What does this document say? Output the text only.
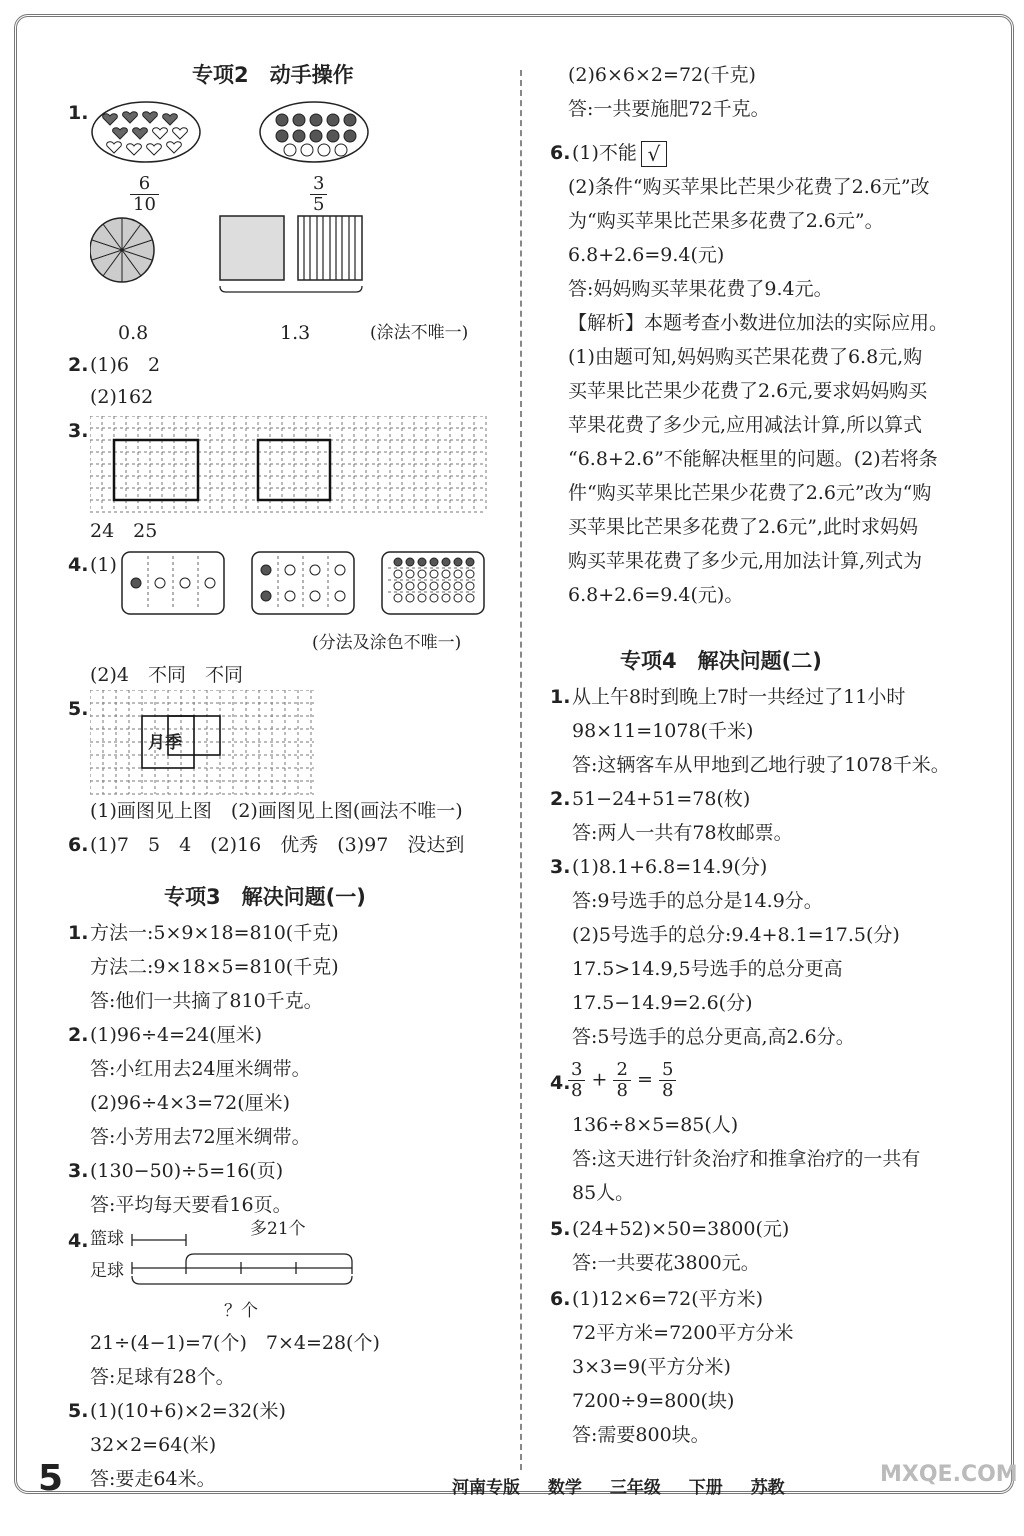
专项2　动手操作
1.
$\frac{6}{10}$	$\frac{3}{5}$
0.8	1.3	(涂法不唯一)
2. (1)6　2
(2)162
3.
24　25
4. (1)
(分法及涂色不唯一)
(2)4　不同　不同
5.
月季
(1)画图见上图　(2)画图见上图(画法不唯一)
6. (1)7　5　4　(2)16　优秀　(3)97　没达到
专项3　解决问题(一)
1. 方法一:5×9×18=810(千克)
方法二:9×18×5=810(千克)
答:他们一共摘了810千克。
2. (1)96÷4=24(厘米)
答:小红用去24厘米绸带。
(2)96÷4×3=72(厘米)
答:小芳用去72厘米绸带。
3. (130−50)÷5=16(页)
答:平均每天要看16页。
4. 篮球
足球
多21个
？个
21÷(4−1)=7(个)　7×4=28(个)
答:足球有28个。
5. (1)(10+6)×2=32(米)
32×2=64(米)
答:要走64米。
(2)6×6×2=72(千克)
答:一共要施肥72千克。
6. (1)不能 √
(2)条件“购买苹果比芒果少花费了2.6元”改
为“购买苹果比芒果多花费了2.6元”。
6.8+2.6=9.4(元)
答:妈妈购买苹果花费了9.4元。
【解析】本题考查小数进位加法的实际应用。
(1)由题可知,妈妈购买芒果花费了6.8元,购
买苹果比芒果少花费了2.6元,要求妈妈购买
苹果花费了多少元,应用减法计算,所以算式
“6.8+2.6”不能解决框里的问题。(2)若将条
件“购买苹果比芒果少花费了2.6元”改为“购
买苹果比芒果多花费了2.6元”,此时求妈妈
购买苹果花费了多少元,用加法计算,列式为
6.8+2.6=9.4(元)。
专项4　解决问题(二)
1. 从上午8时到晚上7时一共经过了11小时
98×11=1078(千米)
答:这辆客车从甲地到乙地行驶了1078千米。
2. 51−24+51=78(枚)
答:两人一共有78枚邮票。
3. (1)8.1+6.8=14.9(分)
答:9号选手的总分是14.9分。
(2)5号选手的总分:9.4+8.1=17.5(分)
17.5>14.9,5号选手的总分更高
17.5−14.9=2.6(分)
答:5号选手的总分更高,高2.6分。
4.
$\frac{3}{8} + \frac{2}{8} = \frac{5}{8}$
136÷8×5=85(人)
答:这天进行针灸治疗和推拿治疗的一共有
85人。
5. (24+52)×50=3800(元)
答:一共要花3800元。
6. (1)12×6=72(平方米)
72平方米=7200平方分米
3×3=9(平方分米)
7200÷9=800(块)
答:需要800块。
5	河南专版 数学 三年级 下册 苏教
MXQE.COM
